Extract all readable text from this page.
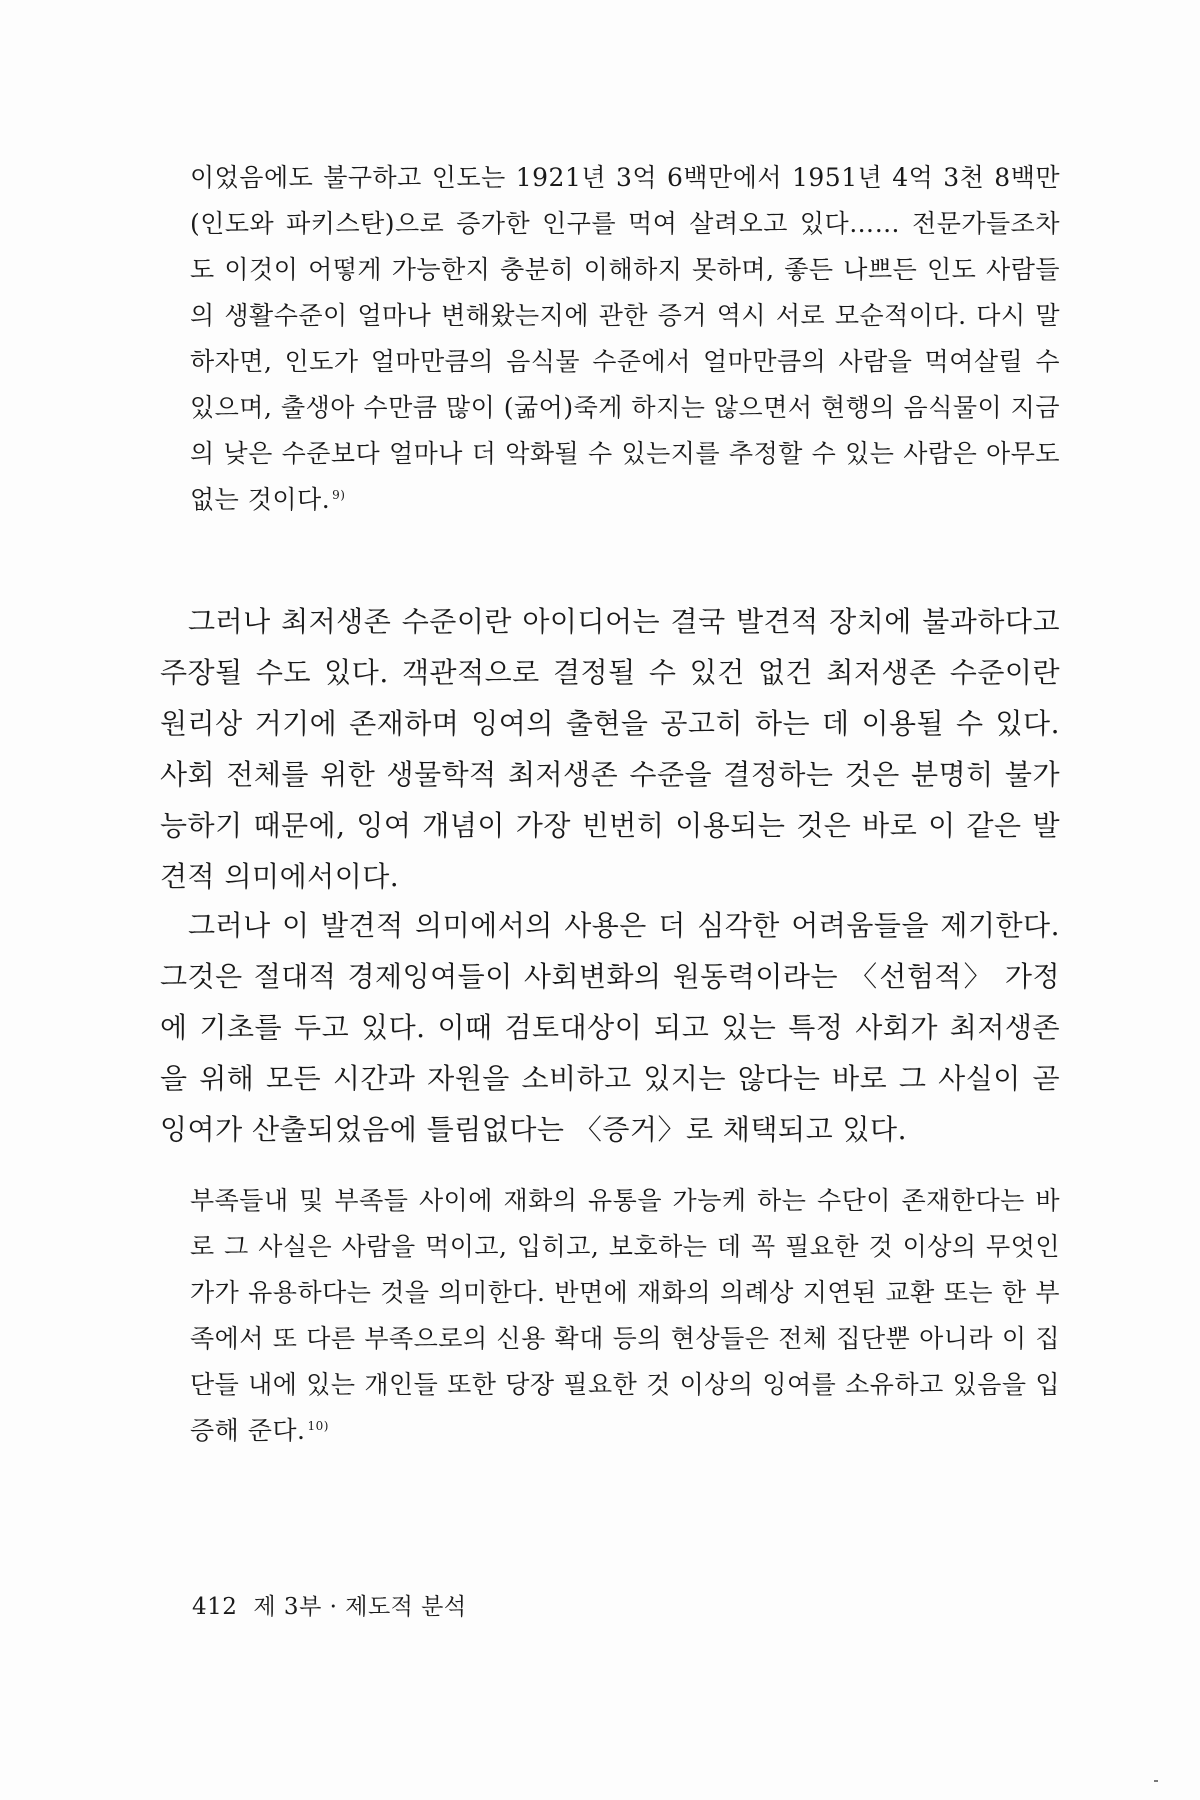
이었음에도 불구하고 인도는 1921년 3억 6백만에서 1951년 4억 3천 8백만 (인도와 파키스탄)으로 증가한 인구를 먹여 살려오고 있다…… 전문가들조차도 이것이 어떻게 가능한지 충분히 이해하지 못하며, 좋든 나쁘든 인도 사람들의 생활수준이 얼마나 변해왔는지에 관한 증거 역시 서로 모순적이다. 다시 말하자면, 인도가 얼마만큼의 음식물 수준에서 얼마만큼의 사람을 먹여살릴 수 있으며, 출생아 수만큼 많이 (굶어)죽게 하지는 않으면서 현행의 음식물이 지금의 낮은 수준보다 얼마나 더 악화될 수 있는지를 추정할 수 있는 사람은 아무도 없는 것이다. $^{9)}$

그러나 최저생존 수준이란 아이디어는 결국 발견적 장치에 불과하다고 주장될 수도 있다. 객관적으로 결정될 수 있건 없건 최저생존 수준이란 원리상 거기에 존재하며 잉여의 출현을 공고히 하는 데 이용될 수 있다. 사회 전체를 위한 생물학적 최저생존 수준을 결정하는 것은 분명히 불가능하기 때문에, 잉여 개념이 가장 빈번히 이용되는 것은 바로 이 같은 발견적 의미에서이다.

그러나 이 발견적 의미에서의 사용은 더 심각한 어려움들을 제기한다. 그것은 절대적 경제잉여들이 사회변화의 원동력이라는 〈선험적〉 가정에 기초를 두고 있다. 이때 검토대상이 되고 있는 특정 사회가 최저생존을 위해 모든 시간과 자원을 소비하고 있지는 않다는 바로 그 사실이 곧 잉여가 산출되었음에 틀림없다는 〈증거〉로 채택되고 있다.

부족들내 및 부족들 사이에 재화의 유통을 가능케 하는 수단이 존재한다는 바로 그 사실은 사람을 먹이고, 입히고, 보호하는 데 꼭 필요한 것 이상의 무엇인가가 유용하다는 것을 의미한다. 반면에 재화의 의례상 지연된 교환 또는 한 부족에서 또 다른 부족으로의 신용 확대 등의 현상들은 전체 집단뿐 아니라 이 집단들 내에 있는 개인들 또한 당장 필요한 것 이상의 잉여를 소유하고 있음을 입증해 준다. $^{10)}$
412 제 3부 · 제도적 분석
